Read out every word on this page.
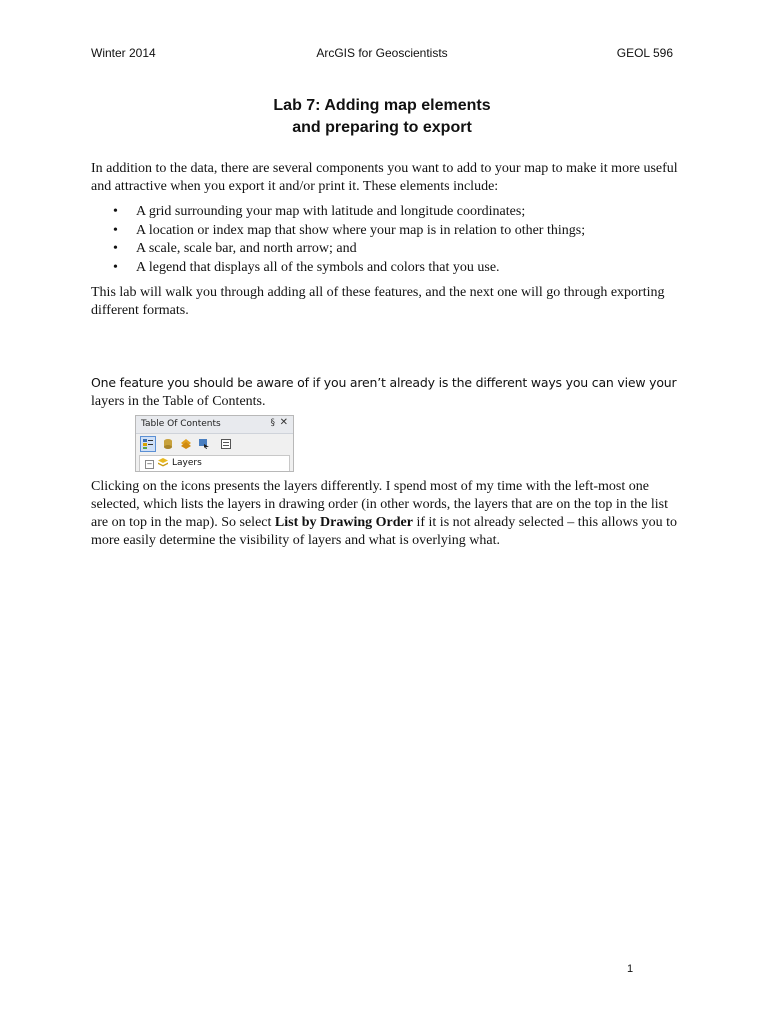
Winter 2014	ArcGIS for Geoscientists	GEOL 596
Lab 7: Adding map elements
and preparing to export
In addition to the data, there are several components you want to add to your map to make it more useful and attractive when you export it and/or print it. These elements include:
• A grid surrounding your map with latitude and longitude coordinates;
• A location or index map that show where your map is in relation to other things;
• A scale, scale bar, and north arrow; and
• A legend that displays all of the symbols and colors that you use.
This lab will walk you through adding all of these features, and the next one will go through exporting different formats.
One feature you should be aware of if you aren’t already is the different ways you can view your
layers in the Table of Contents.
Table Of Contents	§ ✕
− Layers
Clicking on the icons presents the layers differently. I spend most of my time with the left-most one selected, which lists the layers in drawing order (in other words, the layers that are on the top in the list are on top in the map). So select List by Drawing Order if it is not already selected – this allows you to more easily determine the visibility of layers and what is overlying what.
1
